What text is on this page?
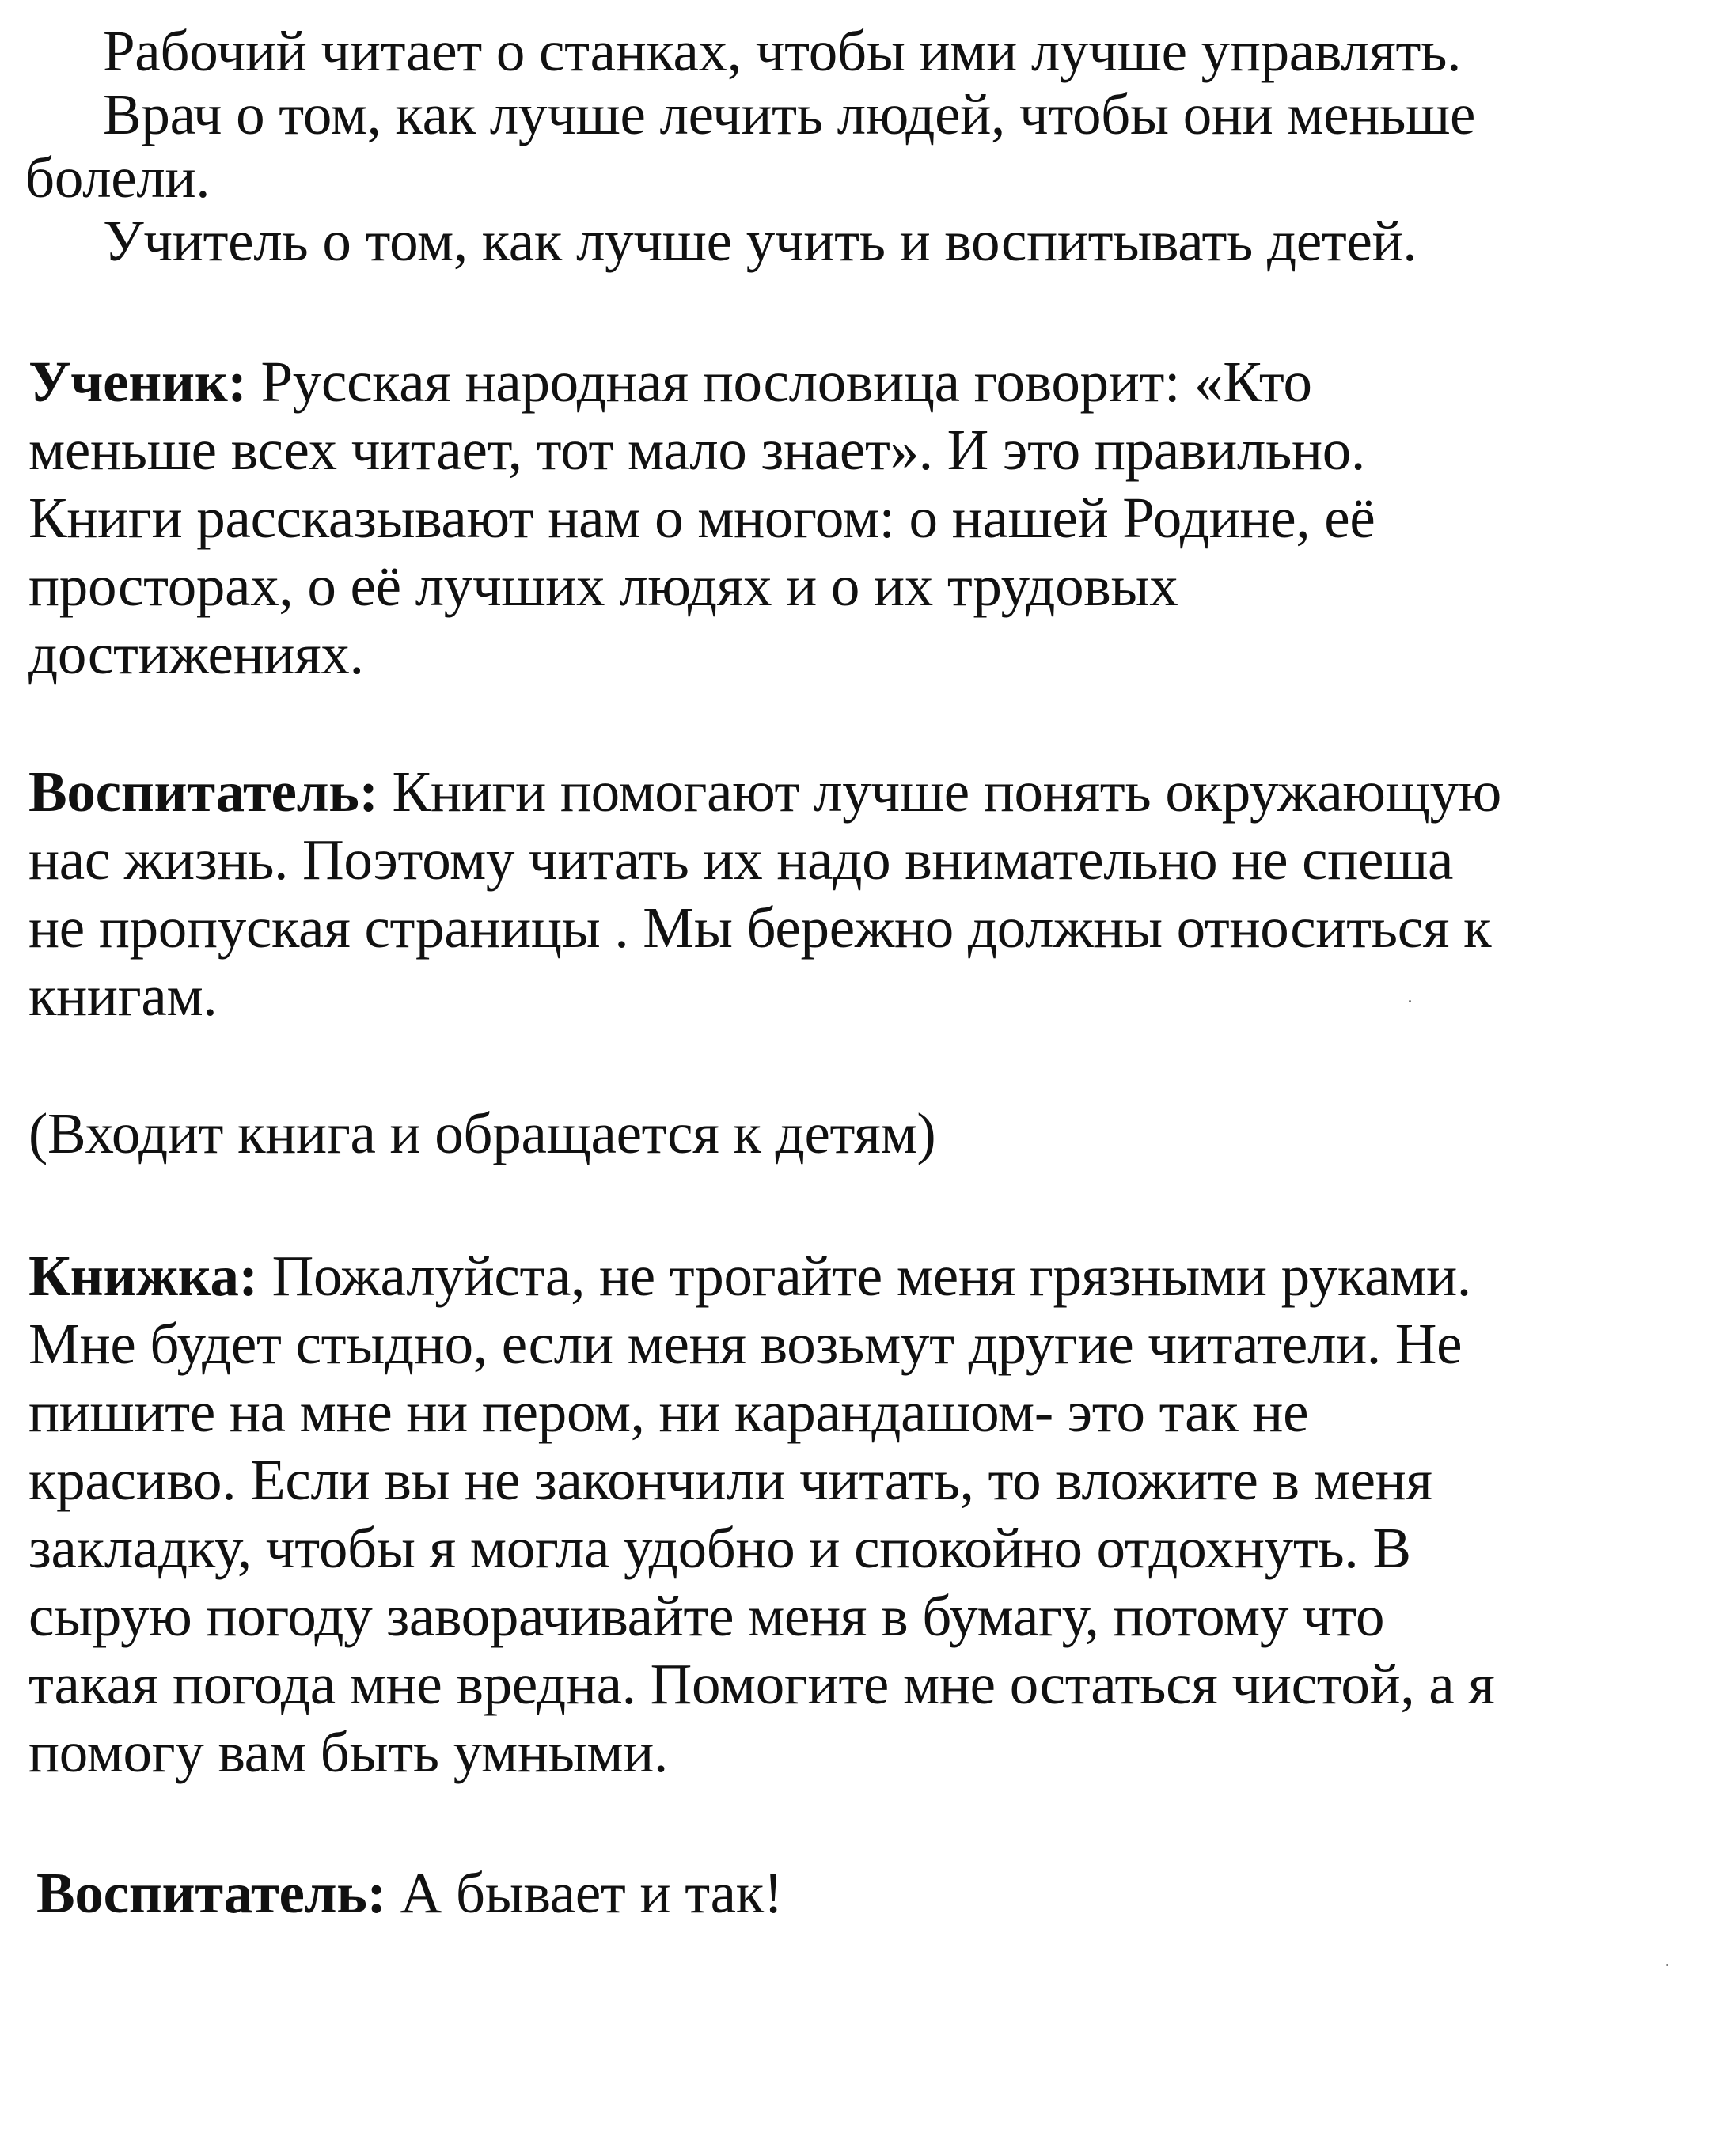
Рабочий читает о станках, чтобы ими лучше управлять.
Врач о том, как лучше лечить людей, чтобы они меньше
болели.
Учитель о том, как лучше учить и воспитывать детей.
Ученик: Русская народная пословица говорит: «Кто
меньше всех читает, тот мало знает». И это правильно.
Книги рассказывают нам о многом: о нашей Родине, её
просторах, о её лучших людях и о их трудовых
достижениях.
Воспитатель: Книги помогают лучше понять окружающую
нас жизнь. Поэтому читать их надо внимательно не спеша
не пропуская страницы . Мы бережно должны относиться к
книгам.
(Входит книга и обращается к детям)
Книжка: Пожалуйста, не трогайте меня грязными руками.
Мне будет стыдно, если меня возьмут другие читатели. Не
пишите на мне ни пером, ни карандашом- это так не
красиво. Если вы не закончили читать, то вложите в меня
закладку, чтобы я могла удобно и спокойно отдохнуть. В
сырую погоду заворачивайте меня в бумагу, потому что
такая погода мне вредна. Помогите мне остаться чистой, а я
помогу вам быть умными.
Воспитатель: А бывает и так!
